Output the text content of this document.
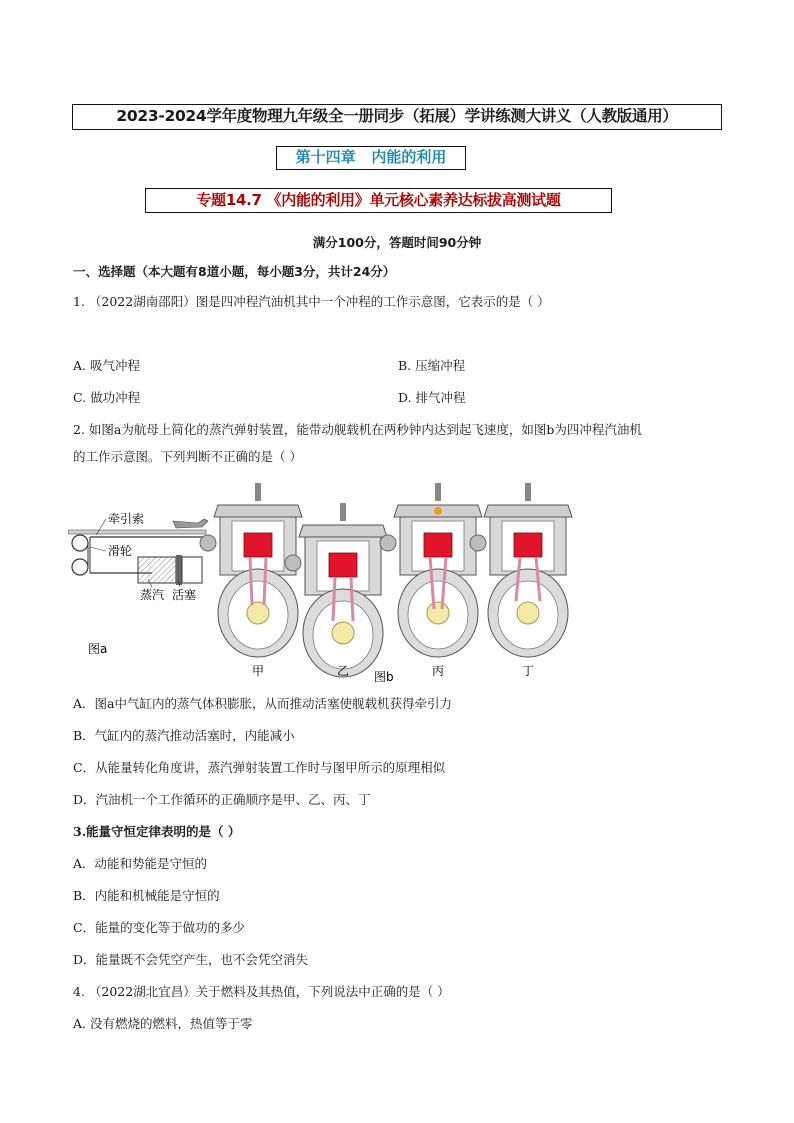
2023-2024学年度物理九年级全一册同步（拓展）学讲练测大讲义（人教版通用）
第十四章   内能的利用
专题14.7 《内能的利用》单元核心素养达标拔高测试题
满分100分，答题时间90分钟
一、选择题（本大题有8道小题，每小题3分，共计24分）
1. （2022湖南邵阳）图是四冲程汽油机其中一个冲程的工作示意图，它表示的是（ ）
A. 吸气冲程	B. 压缩冲程
C. 做功冲程	D. 排气冲程
2. 如图a为航母上简化的蒸汽弹射装置，能带动舰载机在两秒钟内达到起飞速度，如图b为四冲程汽油机
的工作示意图。下列判断不正确的是（ ）
牵引索
滑轮
蒸汽 活塞
图a
甲	乙	丙	丁
图b
A．图a中气缸内的蒸气体积膨胀，从而推动活塞使舰载机获得牵引力
B．气缸内的蒸汽推动活塞时，内能减小
C．从能量转化角度讲，蒸汽弹射装置工作时与图甲所示的原理相似
D．汽油机一个工作循环的正确顺序是甲、乙、丙、丁
3.能量守恒定律表明的是（ ）
A．动能和势能是守恒的
B．内能和机械能是守恒的
C．能量的变化等于做功的多少
D．能量既不会凭空产生，也不会凭空消失
4. （2022湖北宜昌）关于燃料及其热值，下列说法中正确的是（ ）
A. 没有燃烧的燃料，热值等于零
